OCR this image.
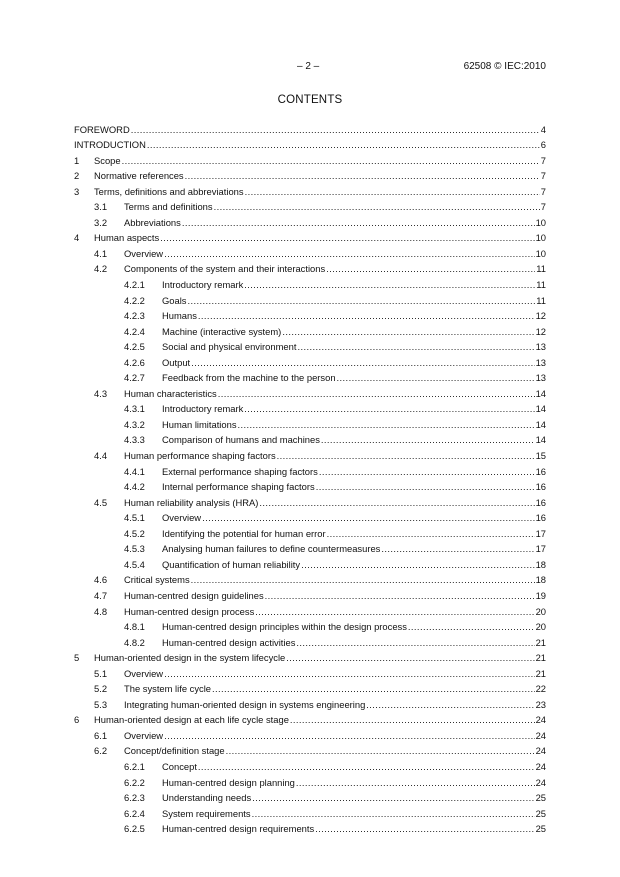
– 2 –	62508 © IEC:2010
CONTENTS
FOREWORD .....	4
INTRODUCTION .....	6
1	Scope .....	7
2	Normative references .....	7
3	Terms, definitions and abbreviations .....	7
3.1	Terms and definitions .....	7
3.2	Abbreviations .....	10
4	Human aspects .....	10
4.1	Overview .....	10
4.2	Components of the system and their interactions .....	11
4.2.1	Introductory remark .....	11
4.2.2	Goals .....	11
4.2.3	Humans .....	12
4.2.4	Machine (interactive system) .....	12
4.2.5	Social and physical environment .....	13
4.2.6	Output .....	13
4.2.7	Feedback from the machine to the person .....	13
4.3	Human characteristics .....	14
4.3.1	Introductory remark .....	14
4.3.2	Human limitations .....	14
4.3.3	Comparison of humans and machines .....	14
4.4	Human performance shaping factors .....	15
4.4.1	External performance shaping factors .....	16
4.4.2	Internal performance shaping factors .....	16
4.5	Human reliability analysis (HRA) .....	16
4.5.1	Overview .....	16
4.5.2	Identifying the potential for human error .....	17
4.5.3	Analysing human failures to define countermeasures .....	17
4.5.4	Quantification of human reliability .....	18
4.6	Critical systems .....	18
4.7	Human-centred design guidelines .....	19
4.8	Human-centred design process .....	20
4.8.1	Human-centred design principles within the design process .....	20
4.8.2	Human-centred design activities .....	21
5	Human-oriented design in the system lifecycle .....	21
5.1	Overview .....	21
5.2	The system life cycle .....	22
5.3	Integrating human-oriented design in systems engineering .....	23
6	Human-oriented design at each life cycle stage .....	24
6.1	Overview .....	24
6.2	Concept/definition stage .....	24
6.2.1	Concept .....	24
6.2.2	Human-centred design planning .....	24
6.2.3	Understanding needs .....	25
6.2.4	System requirements .....	25
6.2.5	Human-centred design requirements .....	25
